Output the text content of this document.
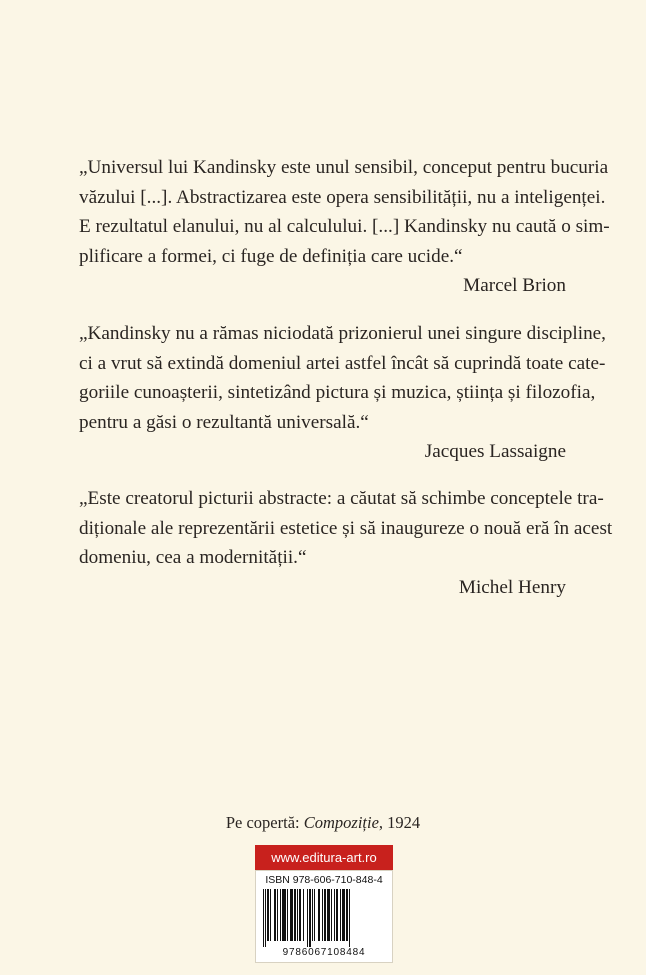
„Universul lui Kandinsky este unul sensibil, conceput pentru bucuria
văzului [...]. Abstractizarea este opera sensibilității, nu a inteligenței.
E rezultatul elanului, nu al calculului. [...] Kandinsky nu caută o sim-
plificare a formei, ci fuge de definiția care ucide.“
Marcel Brion
„Kandinsky nu a rămas niciodată prizonierul unei singure discipline,
ci a vrut să extindă domeniul artei astfel încât să cuprindă toate cate-
goriile cunoașterii, sintetizând pictura și muzica, știința și filozofia,
pentru a găsi o rezultantă universală.“
Jacques Lassaigne
„Este creatorul picturii abstracte: a căutat să schimbe conceptele tra-
diționale ale reprezentării estetice și să inaugureze o nouă eră în acest
domeniu, cea a modernității.“
Michel Henry
Pe copertă: Compoziție, 1924
www.editura-art.ro
ISBN 978-606-710-848-4
9786067108484
